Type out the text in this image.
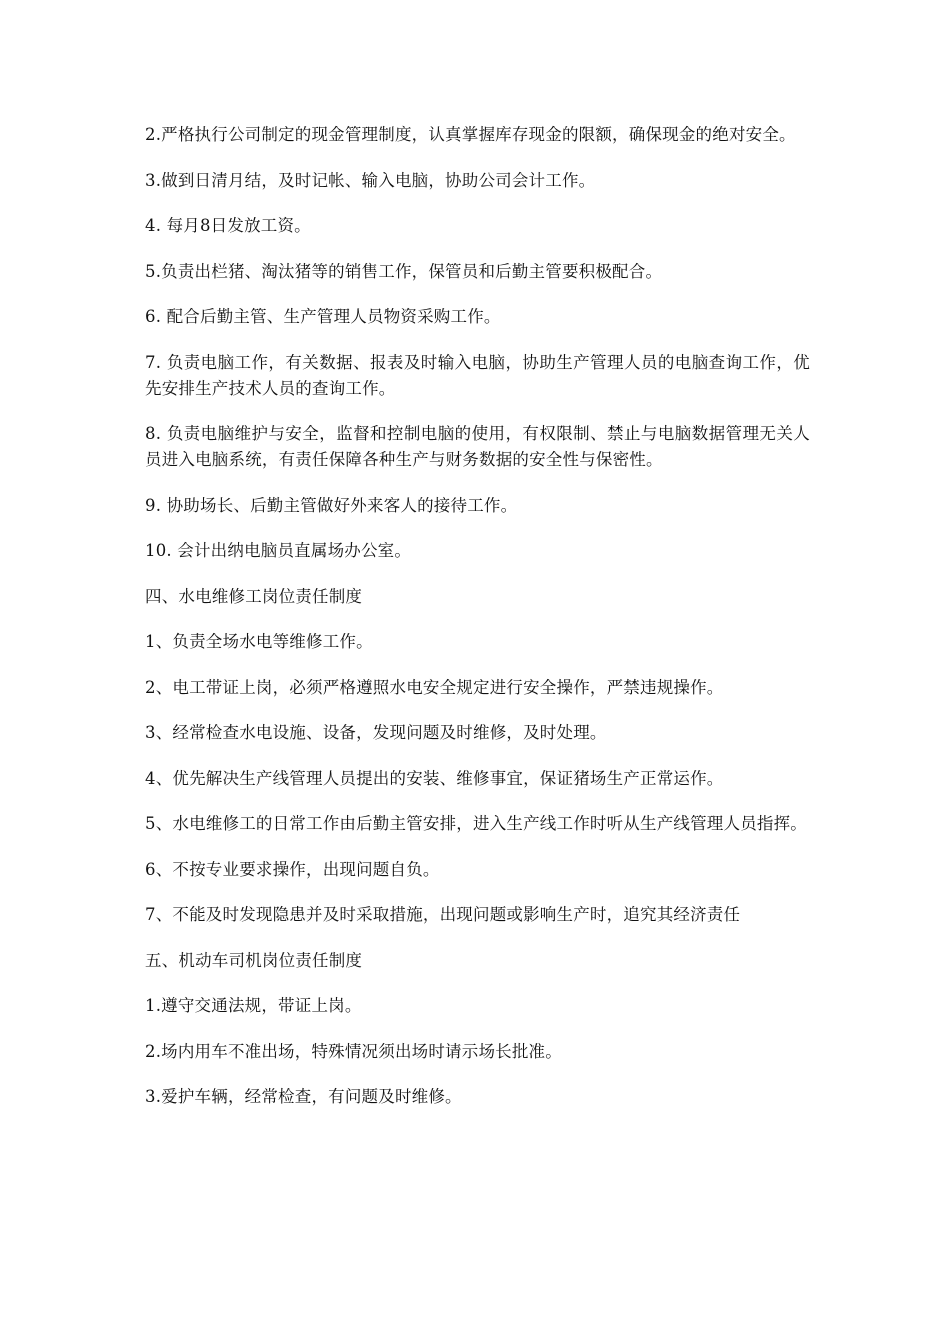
2.严格执行公司制定的现金管理制度，认真掌握库存现金的限额，确保现金的绝对安全。

3.做到日清月结，及时记帐、输入电脑，协助公司会计工作。

4. 每月8日发放工资。

5.负责出栏猪、淘汰猪等的销售工作，保管员和后勤主管要积极配合。

6. 配合后勤主管、生产管理人员物资采购工作。

7. 负责电脑工作，有关数据、报表及时输入电脑，协助生产管理人员的电脑查询工作，优先安排生产技术人员的查询工作。

8. 负责电脑维护与安全，监督和控制电脑的使用，有权限制、禁止与电脑数据管理无关人员进入电脑系统，有责任保障各种生产与财务数据的安全性与保密性。

9. 协助场长、后勤主管做好外来客人的接待工作。

10. 会计出纳电脑员直属场办公室。

四、水电维修工岗位责任制度

1、负责全场水电等维修工作。

2、电工带证上岗，必须严格遵照水电安全规定进行安全操作，严禁违规操作。

3、经常检查水电设施、设备，发现问题及时维修，及时处理。

4、优先解决生产线管理人员提出的安装、维修事宜，保证猪场生产正常运作。

5、水电维修工的日常工作由后勤主管安排，进入生产线工作时听从生产线管理人员指挥。

6、不按专业要求操作，出现问题自负。

7、不能及时发现隐患并及时采取措施，出现问题或影响生产时，追究其经济责任

五、机动车司机岗位责任制度

1.遵守交通法规，带证上岗。

2.场内用车不准出场，特殊情况须出场时请示场长批准。

3.爱护车辆，经常检查，有问题及时维修。
